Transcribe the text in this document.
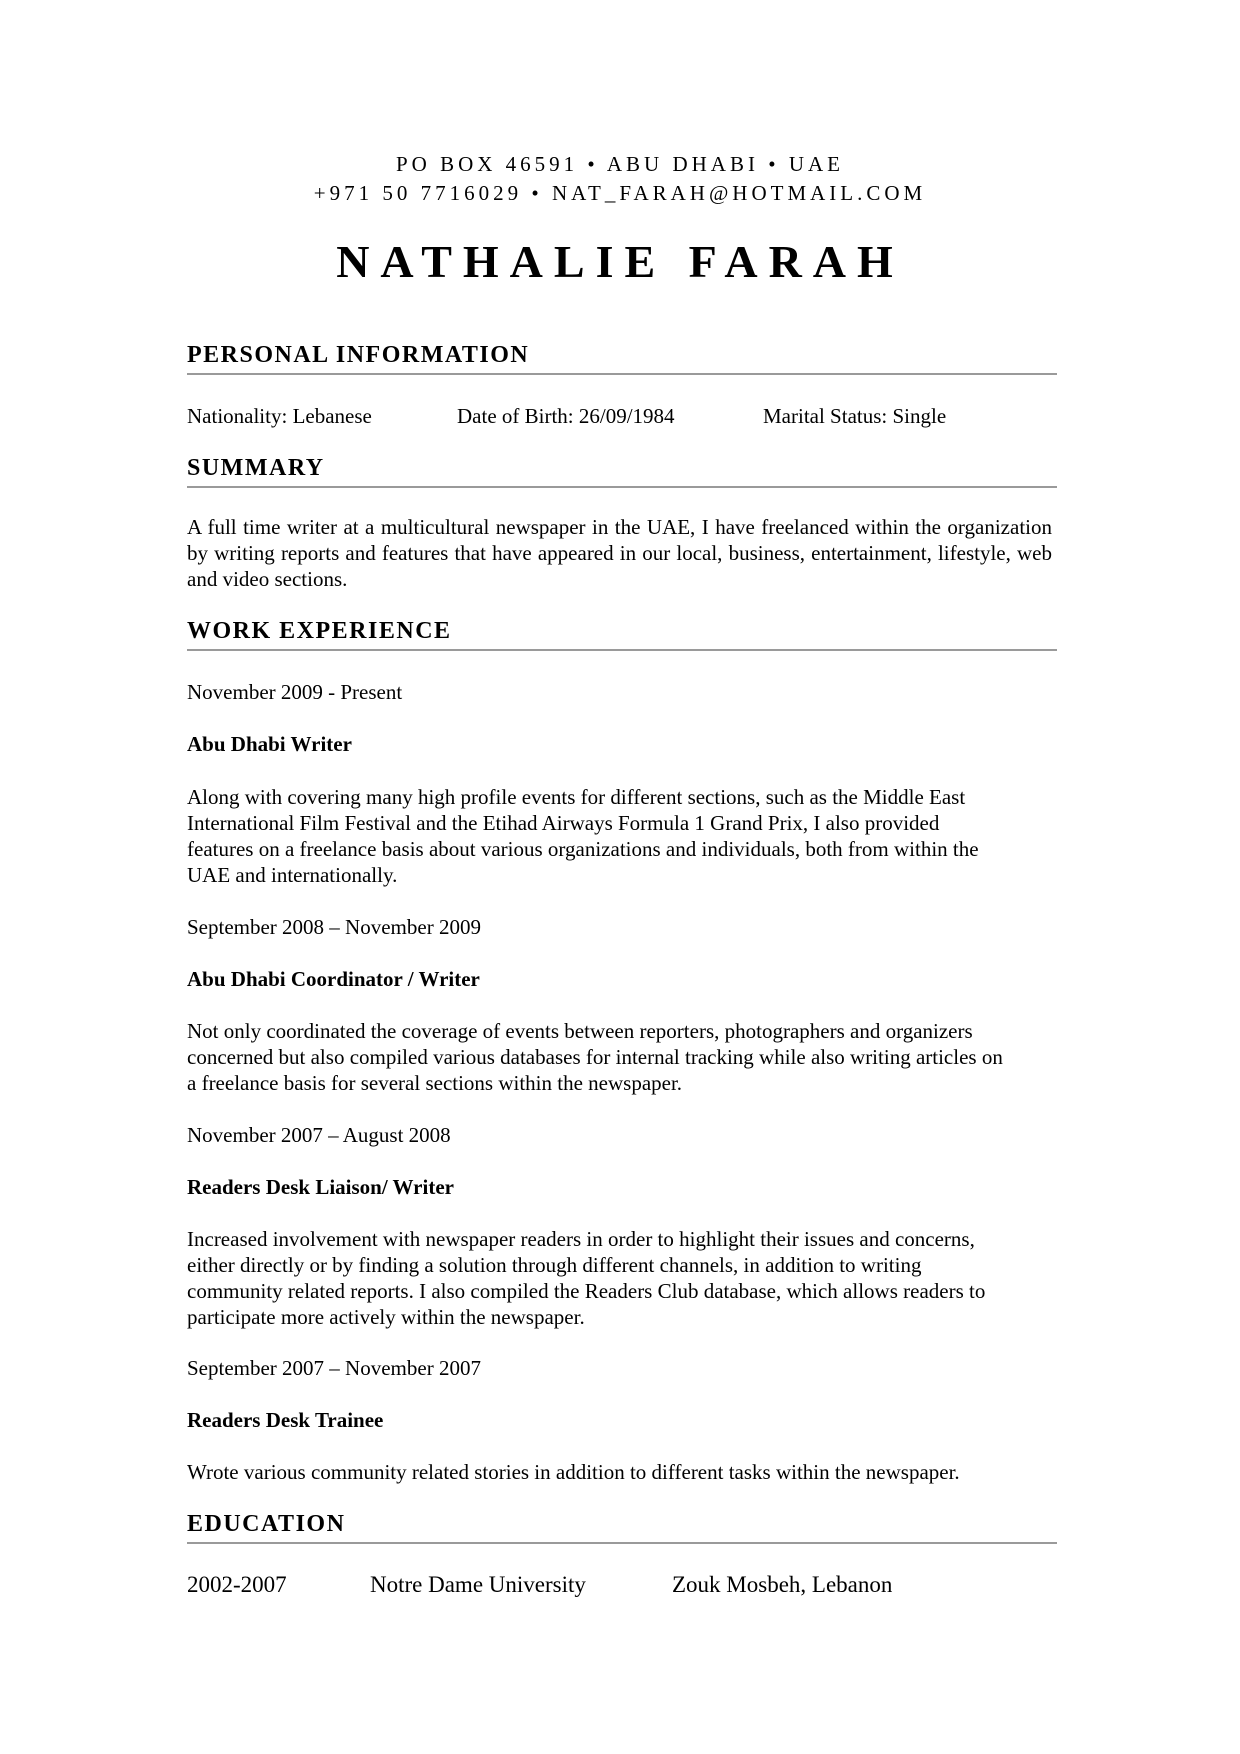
PO BOX 46591 • ABU DHABI • UAE
+971 50 7716029 • NAT_FARAH@HOTMAIL.COM
NATHALIE FARAH
PERSONAL INFORMATION
Nationality: Lebanese	Date of Birth: 26/09/1984	Marital Status: Single
SUMMARY
A full time writer at a multicultural newspaper in the UAE, I have freelanced within the organization by writing reports and features that have appeared in our local, business, entertainment, lifestyle, web and video sections.
WORK EXPERIENCE
November 2009 - Present
Abu Dhabi Writer
Along with covering many high profile events for different sections, such as the Middle East
International Film Festival and the Etihad Airways Formula 1 Grand Prix, I also provided
features on a freelance basis about various organizations and individuals, both from within the
UAE and internationally.
September 2008 – November 2009
Abu Dhabi Coordinator / Writer
Not only coordinated the coverage of events between reporters, photographers and organizers
concerned but also compiled various databases for internal tracking while also writing articles on
a freelance basis for several sections within the newspaper.
November 2007 – August 2008
Readers Desk Liaison/ Writer
Increased involvement with newspaper readers in order to highlight their issues and concerns,
either directly or by finding a solution through different channels, in addition to writing
community related reports. I also compiled the Readers Club database, which allows readers to
participate more actively within the newspaper.
September 2007 – November 2007
Readers Desk Trainee
Wrote various community related stories in addition to different tasks within the newspaper.
EDUCATION
2002-2007	Notre Dame University	Zouk Mosbeh, Lebanon
